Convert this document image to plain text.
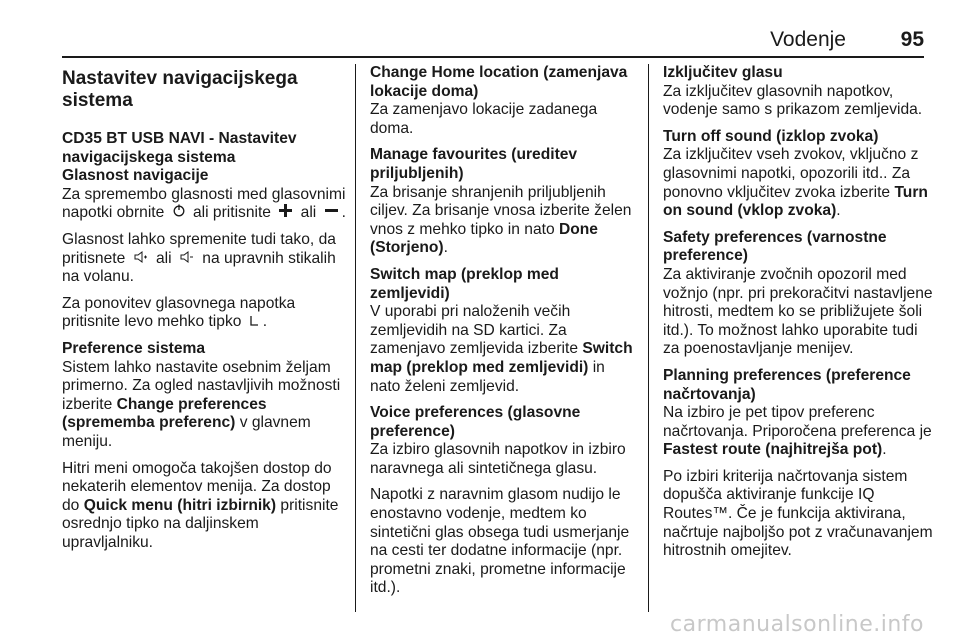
Vodenje	95
Nastavitev navigacijskega sistema
CD35 BT USB NAVI - Nastavitev navigacijskega sistema
Glasnost navigacije

Za spremembo glasnosti med glasovnimi napotki obrnite ali pritisnite ali .

Glasnost lahko spremenite tudi tako, da pritisnete ali na upravnih stikalih na volanu.

Za ponovitev glasovnega napotka pritisnite levo mehko tipko .

Preference sistema

Sistem lahko nastavite osebnim željam primerno. Za ogled nastavljivih možnosti izberite Change preferences (sprememba preferenc) v glavnem meniju.

Hitri meni omogoča takojšen dostop do nekaterih elementov menija. Za dostop do Quick menu (hitri izbirnik) pritisnite osrednjo tipko na daljinskem upravljalniku.

Change Home location (zamenjava lokacije doma)

Za zamenjavo lokacije zadanega doma.

Manage favourites (ureditev priljubljenih)

Za brisanje shranjenih priljubljenih ciljev. Za brisanje vnosa izberite želen vnos z mehko tipko in nato Done (Storjeno).

Switch map (preklop med zemljevidi)

V uporabi pri naloženih večih zemljevidih na SD kartici. Za zamenjavo zemljevida izberite Switch map (preklop med zemljevidi) in nato želeni zemljevid.

Voice preferences (glasovne preference)

Za izbiro glasovnih napotkov in izbiro naravnega ali sintetičnega glasu.

Napotki z naravnim glasom nudijo le enostavno vodenje, medtem ko sintetični glas obsega tudi usmerjanje na cesti ter dodatne informacije (npr. prometni znaki, prometne informacije itd.).

Izključitev glasu

Za izključitev glasovnih napotkov, vodenje samo s prikazom zemljevida.

Turn off sound (izklop zvoka)

Za izključitev vseh zvokov, vključno z glasovnimi napotki, opozorili itd.. Za ponovno vključitev zvoka izberite Turn on sound (vklop zvoka).

Safety preferences (varnostne preference)

Za aktiviranje zvočnih opozoril med vožnjo (npr. pri prekoračitvi nastavljene hitrosti, medtem ko se približujete šoli itd.). To možnost lahko uporabite tudi za poenostavljanje menijev.

Planning preferences (preference načrtovanja)

Na izbiro je pet tipov preferenc načrtovanja. Priporočena preferenca je Fastest route (najhitrejša pot).

Po izbiri kriterija načrtovanja sistem dopušča aktiviranje funkcije IQ Routes™. Če je funkcija aktivirana, načrtuje najboljšo pot z vračunavanjem hitrostnih omejitev.

carmanualsonline.info
